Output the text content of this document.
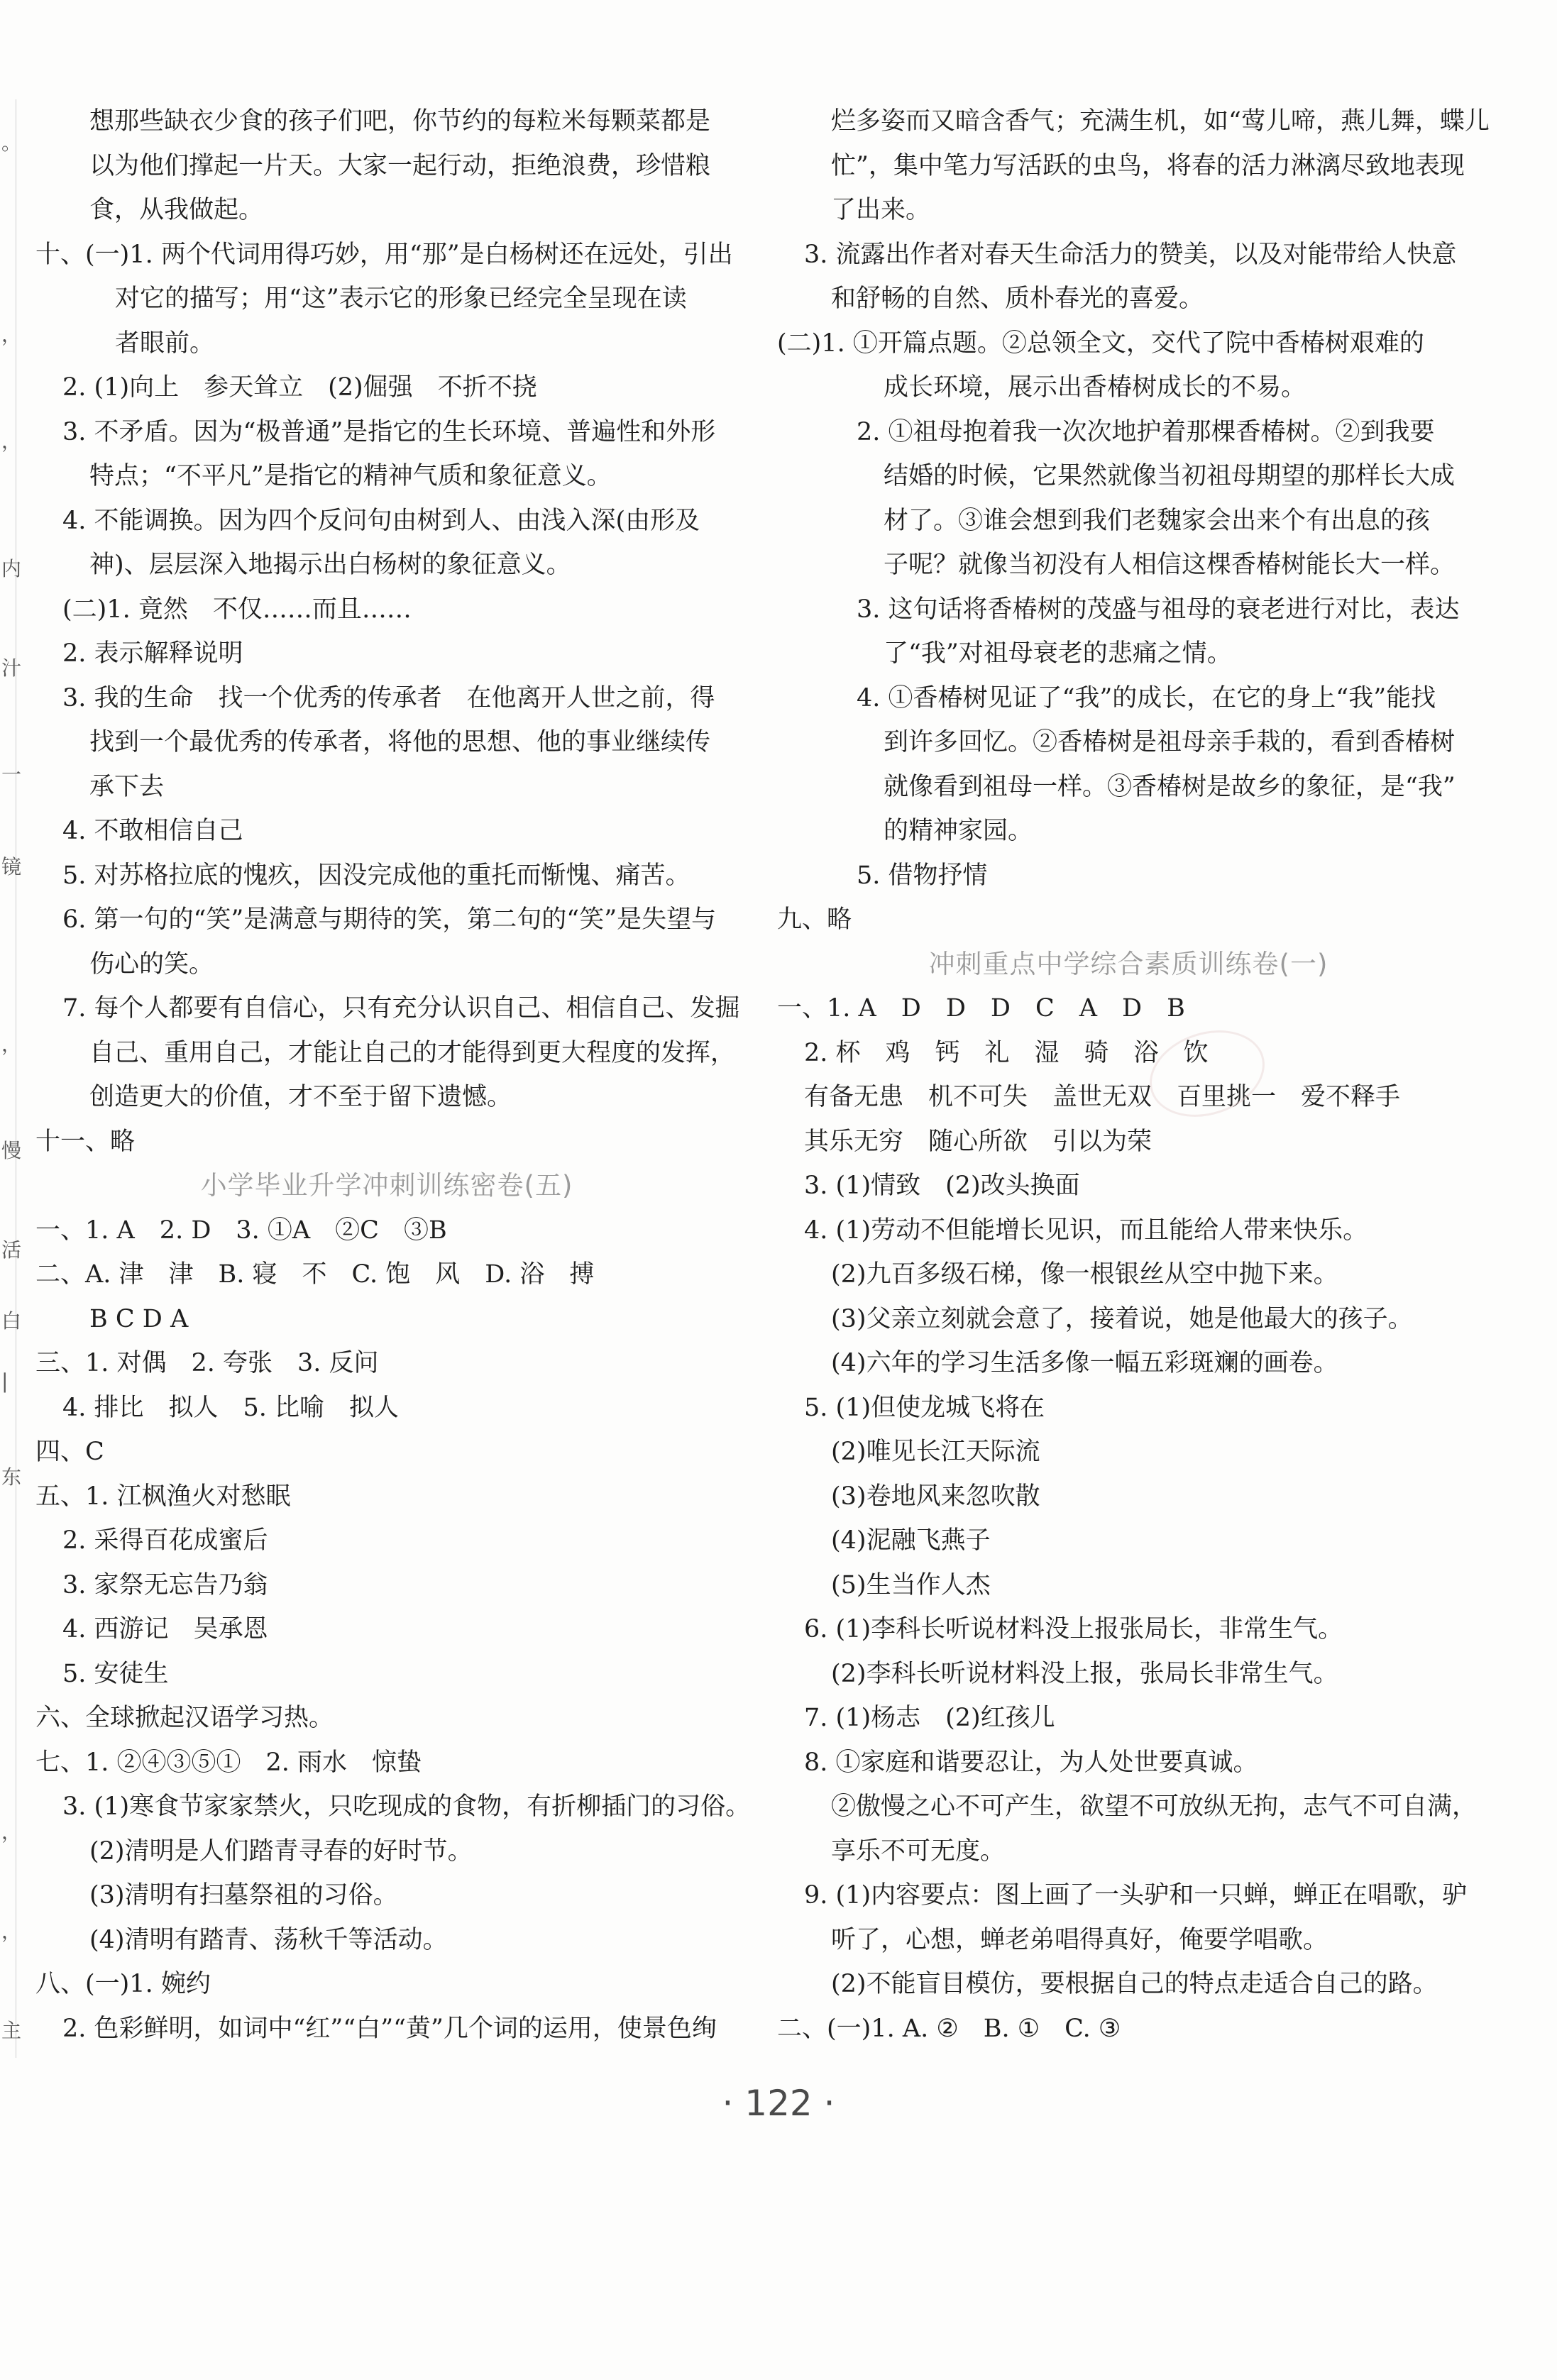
。
，
，
内
汁
一
镜
，
慢
活
白
|
东
，
，
主
想那些缺衣少食的孩子们吧，你节约的每粒米每颗菜都是
以为他们撑起一片天。大家一起行动，拒绝浪费，珍惜粮
食，从我做起。
十、(一)1. 两个代词用得巧妙，用“那”是白杨树还在远处，引出
对它的描写；用“这”表示它的形象已经完全呈现在读
者眼前。
2. (1)向上　参天耸立　(2)倔强　不折不挠
3. 不矛盾。因为“极普通”是指它的生长环境、普遍性和外形
特点；“不平凡”是指它的精神气质和象征意义。
4. 不能调换。因为四个反问句由树到人、由浅入深(由形及
神)、层层深入地揭示出白杨树的象征意义。
(二)1. 竟然　不仅……而且……
2. 表示解释说明
3. 我的生命　找一个优秀的传承者　在他离开人世之前，得
找到一个最优秀的传承者，将他的思想、他的事业继续传
承下去
4. 不敢相信自己
5. 对苏格拉底的愧疚，因没完成他的重托而惭愧、痛苦。
6. 第一句的“笑”是满意与期待的笑，第二句的“笑”是失望与
伤心的笑。
7. 每个人都要有自信心，只有充分认识自己、相信自己、发掘
自己、重用自己，才能让自己的才能得到更大程度的发挥，
创造更大的价值，才不至于留下遗憾。
十一、略
小学毕业升学冲刺训练密卷(五)
一、1. A　2. D　3. ①A　②C　③B
二、A. 津　津　B. 寝　不　C. 饱　风　D. 浴　搏
B C D A
三、1. 对偶　2. 夸张　3. 反问
4. 排比　拟人　5. 比喻　拟人
四、C
五、1. 江枫渔火对愁眠
2. 采得百花成蜜后
3. 家祭无忘告乃翁
4. 西游记　吴承恩
5. 安徒生
六、全球掀起汉语学习热。
七、1. ②④③⑤①　2. 雨水　惊蛰
3. (1)寒食节家家禁火，只吃现成的食物，有折柳插门的习俗。
(2)清明是人们踏青寻春的好时节。
(3)清明有扫墓祭祖的习俗。
(4)清明有踏青、荡秋千等活动。
八、(一)1. 婉约
2. 色彩鲜明，如词中“红”“白”“黄”几个词的运用，使景色绚
烂多姿而又暗含香气；充满生机，如“莺儿啼，燕儿舞，蝶儿
忙”，集中笔力写活跃的虫鸟，将春的活力淋漓尽致地表现
了出来。
3. 流露出作者对春天生命活力的赞美，以及对能带给人快意
和舒畅的自然、质朴春光的喜爱。
(二)1. ①开篇点题。②总领全文，交代了院中香椿树艰难的
成长环境，展示出香椿树成长的不易。
2. ①祖母抱着我一次次地护着那棵香椿树。②到我要
结婚的时候，它果然就像当初祖母期望的那样长大成
材了。③谁会想到我们老魏家会出来个有出息的孩
子呢？就像当初没有人相信这棵香椿树能长大一样。
3. 这句话将香椿树的茂盛与祖母的衰老进行对比，表达
了“我”对祖母衰老的悲痛之情。
4. ①香椿树见证了“我”的成长，在它的身上“我”能找
到许多回忆。②香椿树是祖母亲手栽的，看到香椿树
就像看到祖母一样。③香椿树是故乡的象征，是“我”
的精神家园。
5. 借物抒情
九、略
冲刺重点中学综合素质训练卷(一)
一、1. A　D　D　D　C　A　D　B
2. 杯　鸡　钙　礼　湿　骑　浴　饮
有备无患　机不可失　盖世无双　百里挑一　爱不释手
其乐无穷　随心所欲　引以为荣
3. (1)情致　(2)改头换面
4. (1)劳动不但能增长见识，而且能给人带来快乐。
(2)九百多级石梯，像一根银丝从空中抛下来。
(3)父亲立刻就会意了，接着说，她是他最大的孩子。
(4)六年的学习生活多像一幅五彩斑斓的画卷。
5. (1)但使龙城飞将在
(2)唯见长江天际流
(3)卷地风来忽吹散
(4)泥融飞燕子
(5)生当作人杰
6. (1)李科长听说材料没上报张局长，非常生气。
(2)李科长听说材料没上报，张局长非常生气。
7. (1)杨志　(2)红孩儿
8. ①家庭和谐要忍让，为人处世要真诚。
②傲慢之心不可产生，欲望不可放纵无拘，志气不可自满，
享乐不可无度。
9. (1)内容要点：图上画了一头驴和一只蝉，蝉正在唱歌，驴
听了，心想，蝉老弟唱得真好，俺要学唱歌。
(2)不能盲目模仿，要根据自己的特点走适合自己的路。
二、(一)1. A. ②　B. ①　C. ③
· 122 ·
